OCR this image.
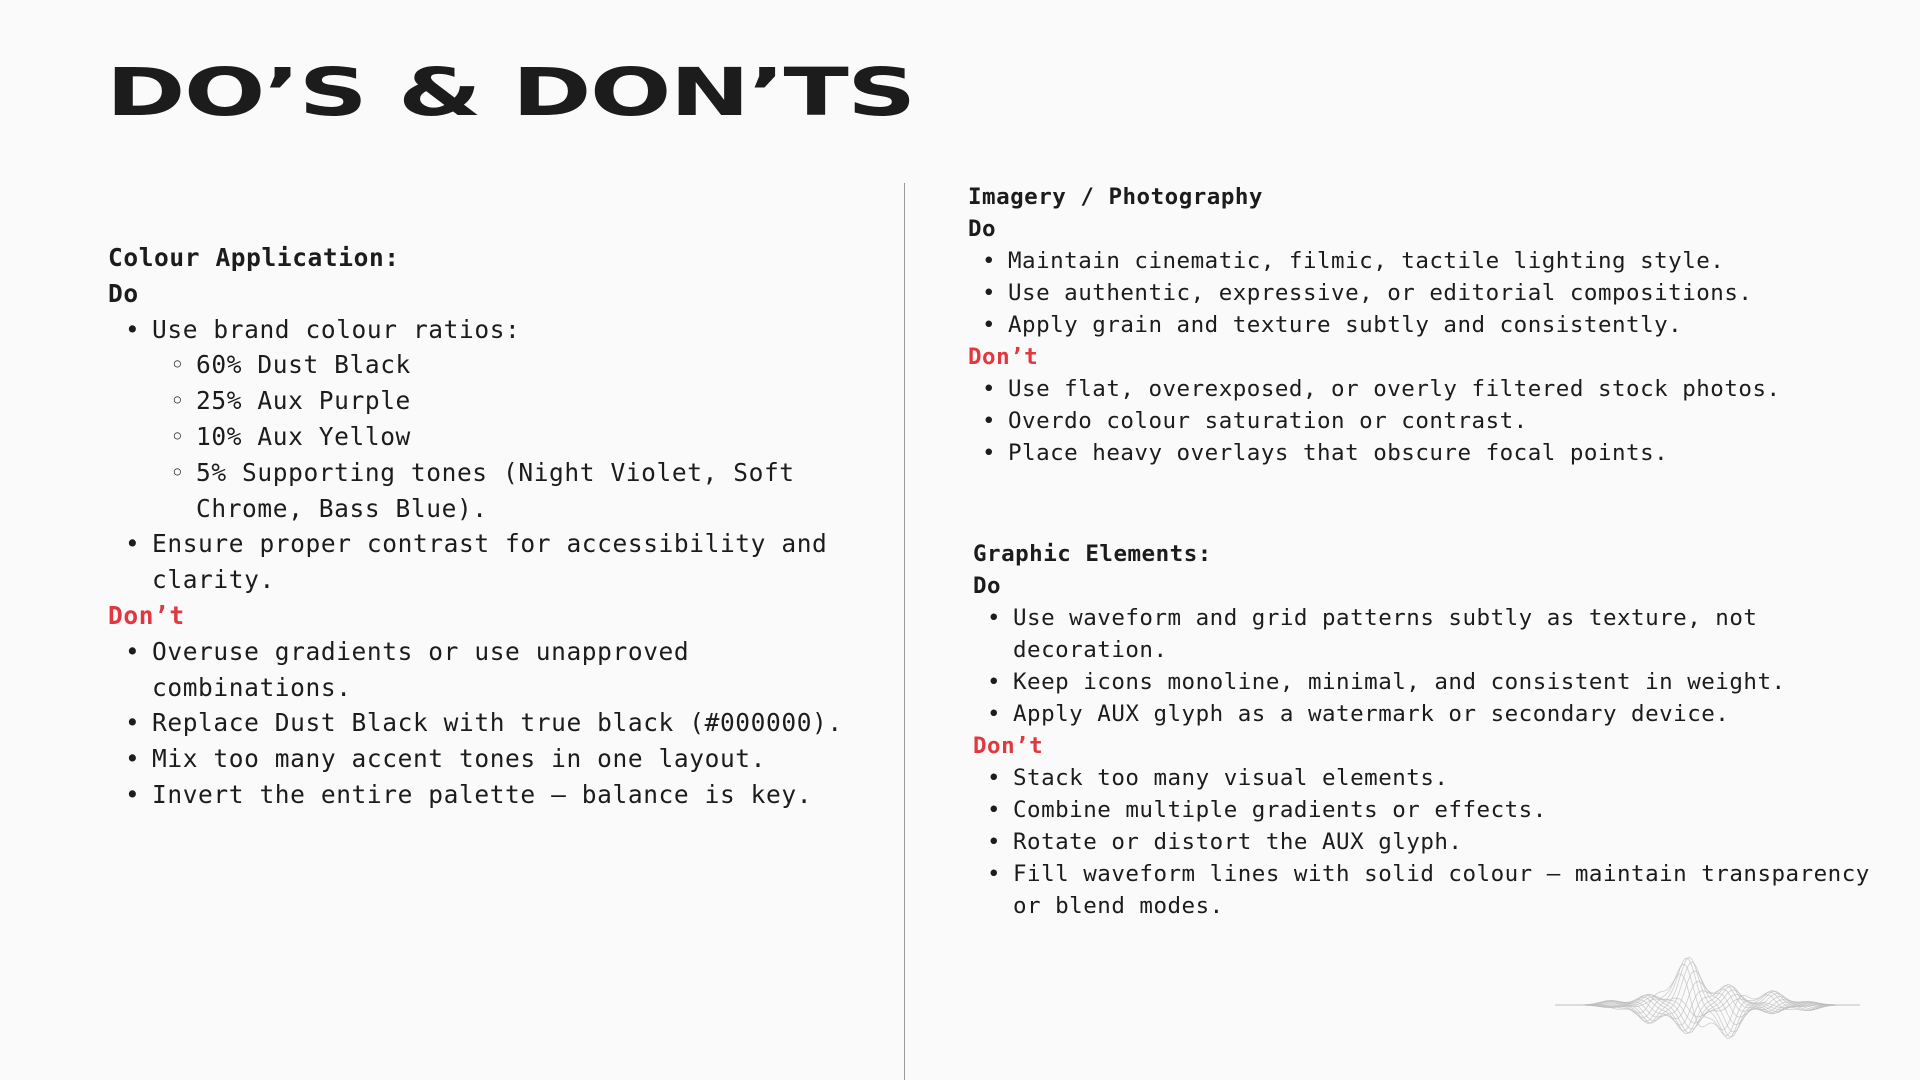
DO’S & DON’TS

Colour Application:

Do

• Use brand colour ratios:
◦ 60% Dust Black
◦ 25% Aux Purple
◦ 10% Aux Yellow
◦ 5% Supporting tones (Night Violet, Soft Chrome, Bass Blue).
• Ensure proper contrast for accessibility and clarity.

Don’t

• Overuse gradients or use unapproved combinations.
• Replace Dust Black with true black (#000000).
• Mix too many accent tones in one layout.
• Invert the entire palette — balance is key.

Imagery / Photography

Do

• Maintain cinematic, filmic, tactile lighting style.
• Use authentic, expressive, or editorial compositions.
• Apply grain and texture subtly and consistently.

Don’t

• Use flat, overexposed, or overly filtered stock photos.
• Overdo colour saturation or contrast.
• Place heavy overlays that obscure focal points.

Graphic Elements:

Do

• Use waveform and grid patterns subtly as texture, not decoration.
• Keep icons monoline, minimal, and consistent in weight.
• Apply AUX glyph as a watermark or secondary device.

Don’t

• Stack too many visual elements.
• Combine multiple gradients or effects.
• Rotate or distort the AUX glyph.
• Fill waveform lines with solid colour — maintain transparency or blend modes.
